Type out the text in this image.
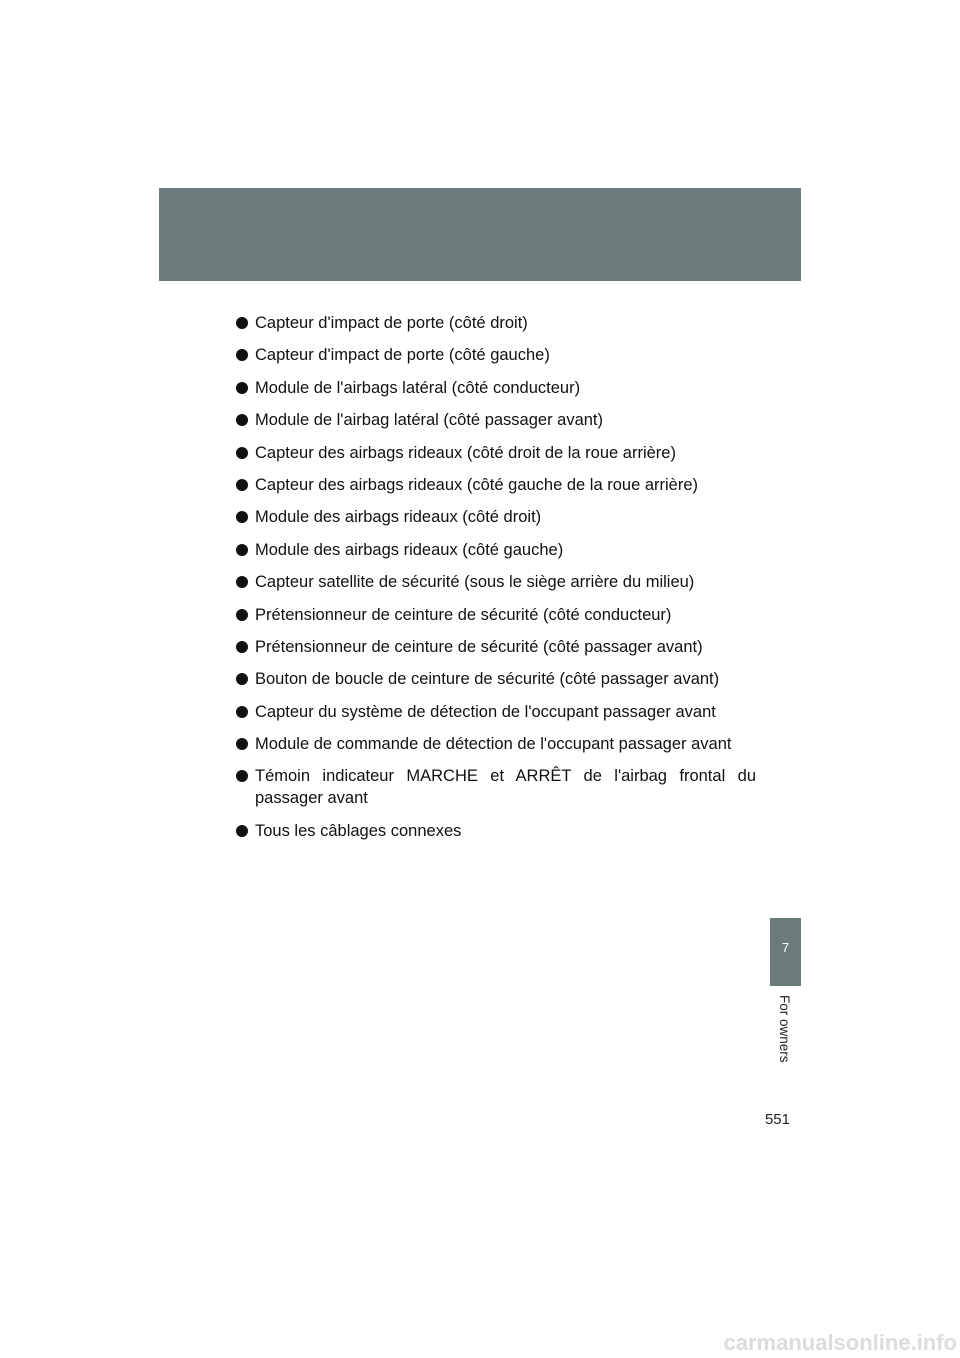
Capteur d'impact de porte (côté droit)
Capteur d'impact de porte (côté gauche)
Module de l'airbags latéral (côté conducteur)
Module de l'airbag latéral (côté passager avant)
Capteur des airbags rideaux (côté droit de la roue arrière)
Capteur des airbags rideaux (côté gauche de la roue arrière)
Module des airbags rideaux (côté droit)
Module des airbags rideaux (côté gauche)
Capteur satellite de sécurité (sous le siège arrière du milieu)
Prétensionneur de ceinture de sécurité (côté conducteur)
Prétensionneur de ceinture de sécurité (côté passager avant)
Bouton de boucle de ceinture de sécurité (côté passager avant)
Capteur du système de détection de l'occupant passager avant
Module de commande de détection de l'occupant passager avant
Témoin indicateur MARCHE et ARRÊT de l'airbag frontal du passager avant
Tous les câblages connexes
7
For owners
551
carmanualsonline.info
